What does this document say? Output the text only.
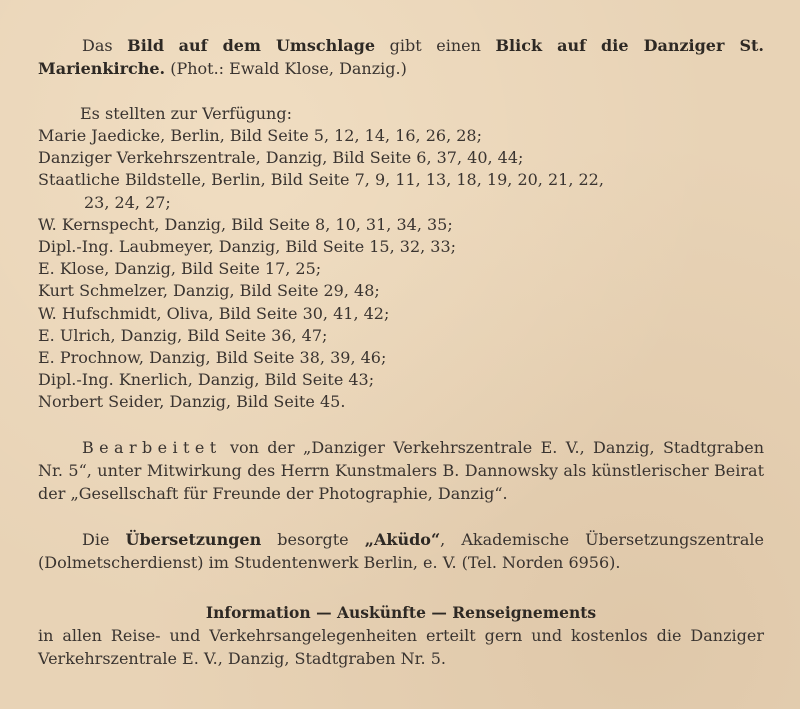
Das Bild auf dem Umschlage gibt einen Blick auf die Danziger St. Marienkirche. (Phot.: Ewald Klose, Danzig.)

Es stellten zur Verfügung:

Marie Jaedicke, Berlin, Bild Seite 5, 12, 14, 16, 26, 28;

Danziger Verkehrszentrale, Danzig, Bild Seite 6, 37, 40, 44;

Staatliche Bildstelle, Berlin, Bild Seite 7, 9, 11, 13, 18, 19, 20, 21, 22,

23, 24, 27;

W. Kernspecht, Danzig, Bild Seite 8, 10, 31, 34, 35;

Dipl.-Ing. Laubmeyer, Danzig, Bild Seite 15, 32, 33;

E. Klose, Danzig, Bild Seite 17, 25;

Kurt Schmelzer, Danzig, Bild Seite 29, 48;

W. Hufschmidt, Oliva, Bild Seite 30, 41, 42;

E. Ulrich, Danzig, Bild Seite 36, 47;

E. Prochnow, Danzig, Bild Seite 38, 39, 46;

Dipl.-Ing. Knerlich, Danzig, Bild Seite 43;

Norbert Seider, Danzig, Bild Seite 45.

Bearbeitet von der „Danziger Verkehrszentrale E. V., Danzig, Stadtgraben Nr. 5“, unter Mitwirkung des Herrn Kunstmalers B. Dannowsky als künstlerischer Beirat der „Gesellschaft für Freunde der Photographie, Danzig“.

Die Übersetzungen besorgte „Aküdo“, Akademische Übersetzungszentrale (Dolmetscherdienst) im Studentenwerk Berlin, e. V. (Tel. Norden 6956).

Information — Auskünfte — Renseignements

in allen Reise- und Verkehrsangelegenheiten erteilt gern und kostenlos die Danziger Verkehrszentrale E. V., Danzig, Stadtgraben Nr. 5.
